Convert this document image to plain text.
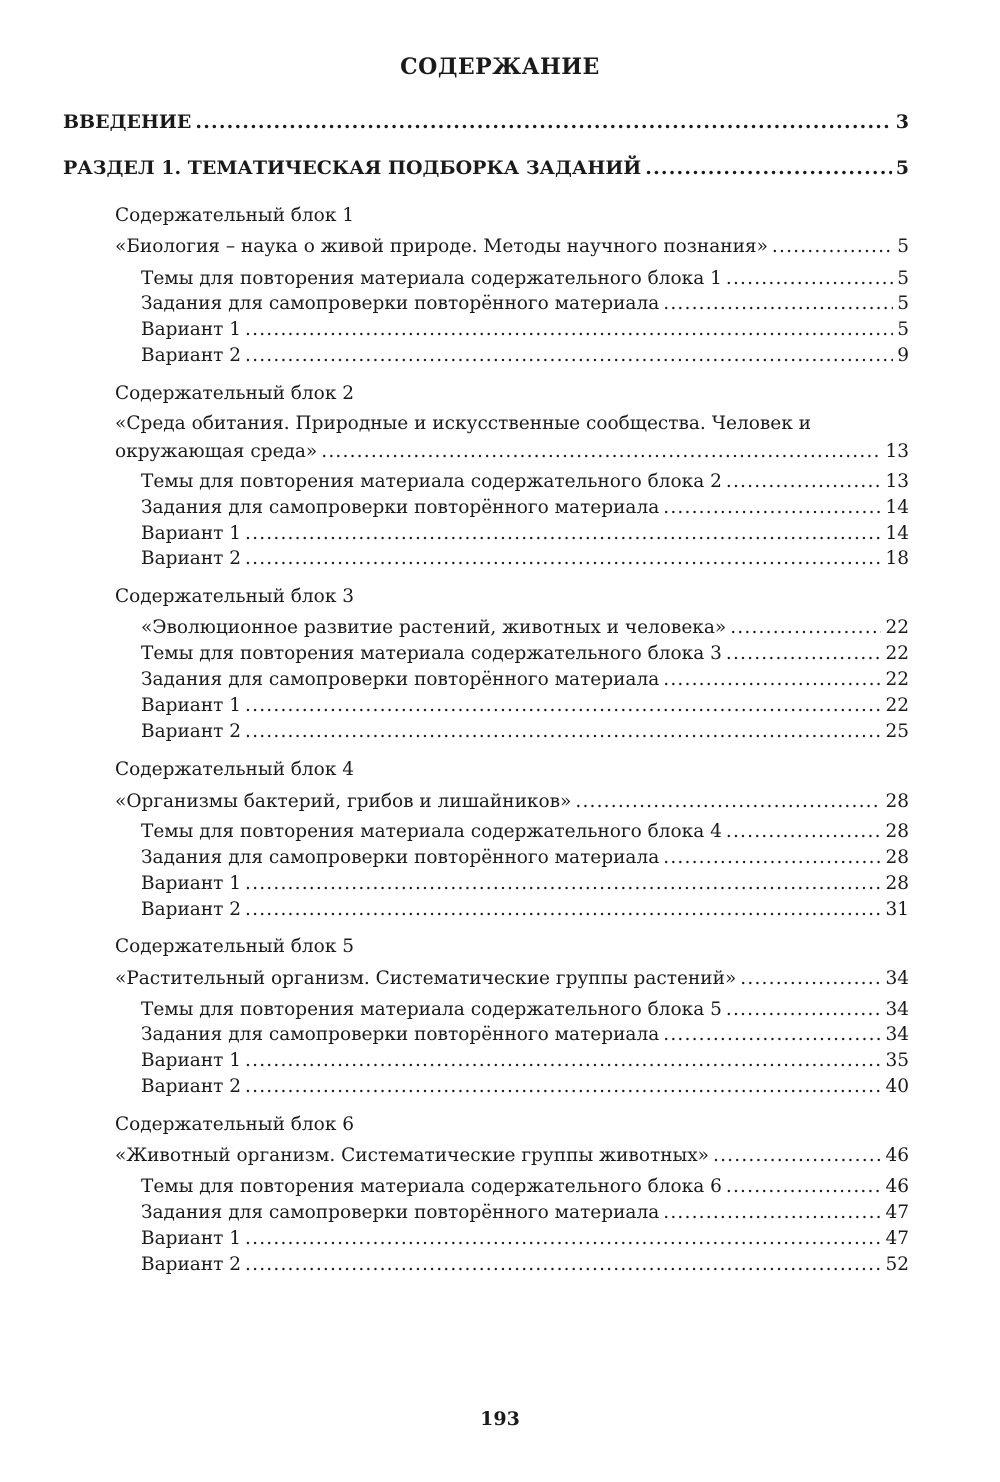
СОДЕРЖАНИЕ
ВВЕДЕНИЕ .....	3
РАЗДЕЛ 1. ТЕМАТИЧЕСКАЯ ПОДБОРКА ЗАДАНИЙ .....	5
Содержательный блок 1
«Биология – наука о живой природе. Методы научного познания» .....	5
Темы для повторения материала содержательного блока 1 .....	5
Задания для самопроверки повторённого материала .....	5
Вариант 1 .....	5
Вариант 2 .....	9
Содержательный блок 2
«Среда обитания. Природные и искусственные сообщества. Человек и
окружающая среда» .....	13
Темы для повторения материала содержательного блока 2 .....	13
Задания для самопроверки повторённого материала .....	14
Вариант 1 .....	14
Вариант 2 .....	18
Содержательный блок 3
«Эволюционное развитие растений, животных и человека» .....	22
Темы для повторения материала содержательного блока 3 .....	22
Задания для самопроверки повторённого материала .....	22
Вариант 1 .....	22
Вариант 2 .....	25
Содержательный блок 4
«Организмы бактерий, грибов и лишайников» .....	28
Темы для повторения материала содержательного блока 4 .....	28
Задания для самопроверки повторённого материала .....	28
Вариант 1 .....	28
Вариант 2 .....	31
Содержательный блок 5
«Растительный организм. Систематические группы растений» .....	34
Темы для повторения материала содержательного блока 5 .....	34
Задания для самопроверки повторённого материала .....	34
Вариант 1 .....	35
Вариант 2 .....	40
Содержательный блок 6
«Животный организм. Систематические группы животных» .....	46
Темы для повторения материала содержательного блока 6 .....	46
Задания для самопроверки повторённого материала .....	47
Вариант 1 .....	47
Вариант 2 .....	52
193
